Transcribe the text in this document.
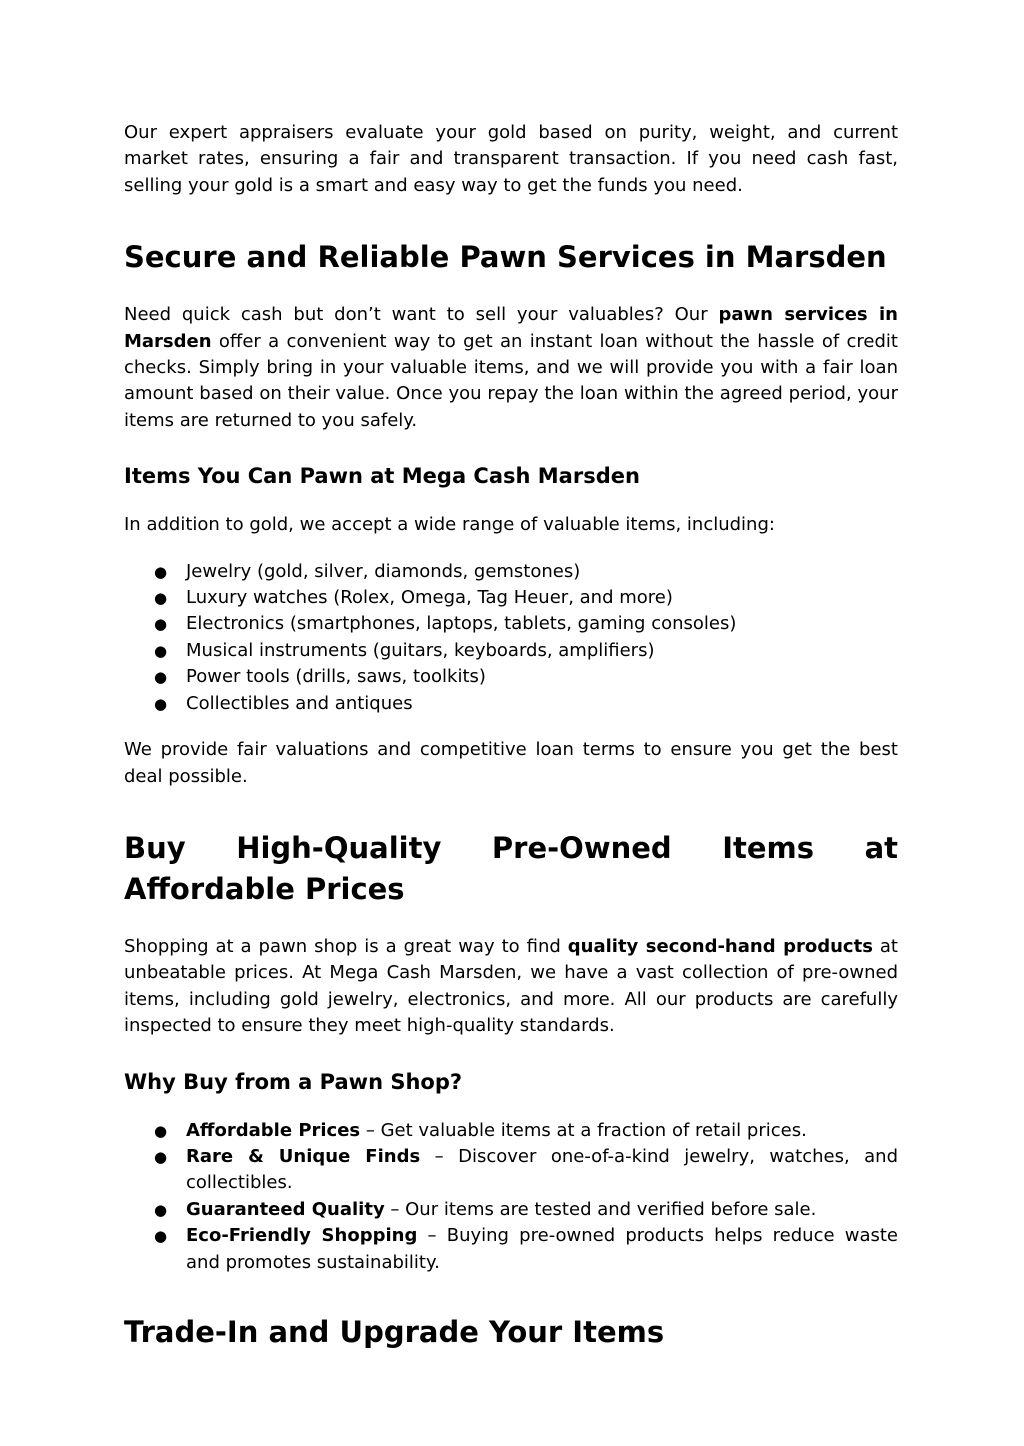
Our expert appraisers evaluate your gold based on purity, weight, and current market rates, ensuring a fair and transparent transaction. If you need cash fast, selling your gold is a smart and easy way to get the funds you need.

Secure and Reliable Pawn Services in Marsden

Need quick cash but don’t want to sell your valuables? Our pawn services in Marsden offer a convenient way to get an instant loan without the hassle of credit checks. Simply bring in your valuable items, and we will provide you with a fair loan amount based on their value. Once you repay the loan within the agreed period, your items are returned to you safely.

Items You Can Pawn at Mega Cash Marsden

In addition to gold, we accept a wide range of valuable items, including:

● Jewelry (gold, silver, diamonds, gemstones)
● Luxury watches (Rolex, Omega, Tag Heuer, and more)
● Electronics (smartphones, laptops, tablets, gaming consoles)
● Musical instruments (guitars, keyboards, amplifiers)
● Power tools (drills, saws, toolkits)
● Collectibles and antiques

We provide fair valuations and competitive loan terms to ensure you get the best deal possible.

Buy High-Quality Pre-Owned Items at Affordable Prices

Shopping at a pawn shop is a great way to find quality second-hand products at unbeatable prices. At Mega Cash Marsden, we have a vast collection of pre-owned items, including gold jewelry, electronics, and more. All our products are carefully inspected to ensure they meet high-quality standards.

Why Buy from a Pawn Shop?
● Affordable Prices – Get valuable items at a fraction of retail prices.
● Rare & Unique Finds – Discover one-of-a-kind jewelry, watches, and collectibles.
● Guaranteed Quality – Our items are tested and verified before sale.
● Eco-Friendly Shopping – Buying pre-owned products helps reduce waste and promotes sustainability.
Trade-In and Upgrade Your Items
